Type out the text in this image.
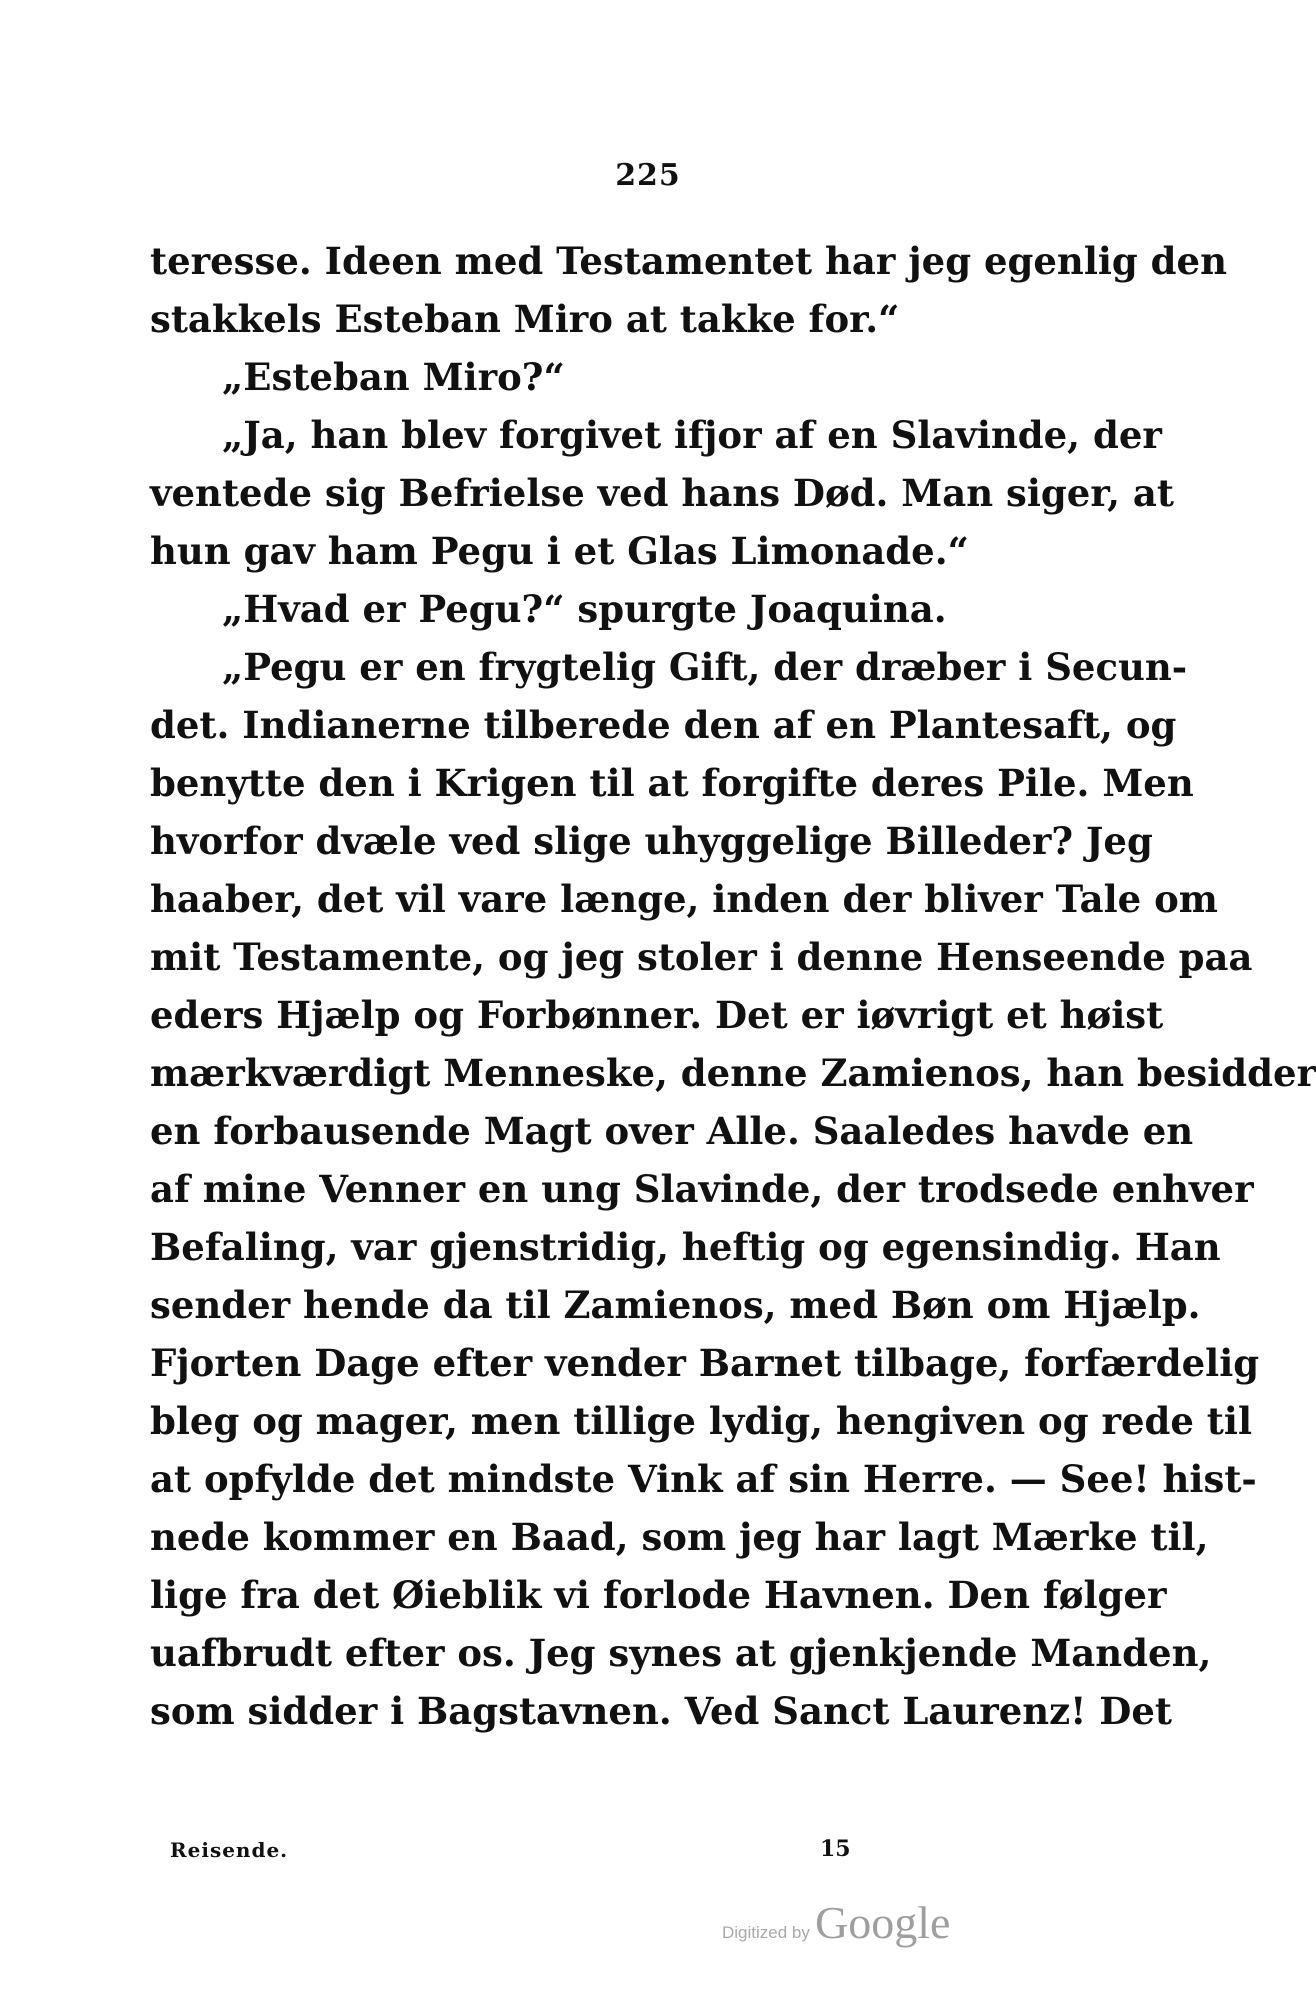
225
teresse. Ideen med Testamentet har jeg egenlig den
stakkels Esteban Miro at takke for.“
„Esteban Miro?“
„Ja, han blev forgivet ifjor af en Slavinde, der
ventede sig Befrielse ved hans Død. Man siger, at
hun gav ham Pegu i et Glas Limonade.“
„Hvad er Pegu?“ spurgte Joaquina.
„Pegu er en frygtelig Gift, der dræber i Secun-
det. Indianerne tilberede den af en Plantesaft, og
benytte den i Krigen til at forgifte deres Pile. Men
hvorfor dvæle ved slige uhyggelige Billeder? Jeg
haaber, det vil vare længe, inden der bliver Tale om
mit Testamente, og jeg stoler i denne Henseende paa
eders Hjælp og Forbønner. Det er iøvrigt et høist
mærkværdigt Menneske, denne Zamienos, han besidder
en forbausende Magt over Alle. Saaledes havde en
af mine Venner en ung Slavinde, der trodsede enhver
Befaling, var gjenstridig, heftig og egensindig. Han
sender hende da til Zamienos, med Bøn om Hjælp.
Fjorten Dage efter vender Barnet tilbage, forfærdelig
bleg og mager, men tillige lydig, hengiven og rede til
at opfylde det mindste Vink af sin Herre. — See! hist-
nede kommer en Baad, som jeg har lagt Mærke til,
lige fra det Øieblik vi forlode Havnen. Den følger
uafbrudt efter os. Jeg synes at gjenkjende Manden,
som sidder i Bagstavnen. Ved Sanct Laurenz! Det
Reisende.	15
Digitized by Google
